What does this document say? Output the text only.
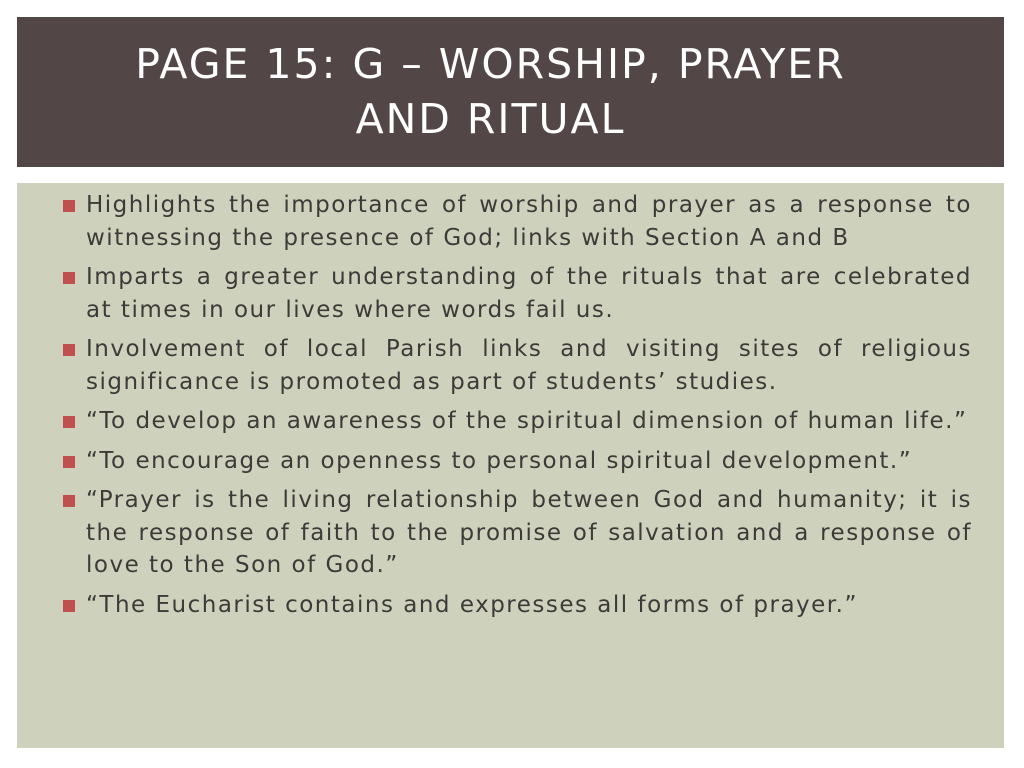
PAGE 15: G – WORSHIP, PRAYER AND RITUAL
Highlights the importance of worship and prayer as a response to witnessing the presence of God; links with Section A and B
Imparts a greater understanding of the rituals that are celebrated at times in our lives where words fail us.
Involvement of local Parish links and visiting sites of religious significance is promoted as part of students’ studies.
“To develop an awareness of the spiritual dimension of human life.”
“To encourage an openness to personal spiritual development.”
“Prayer is the living relationship between God and humanity; it is the response of faith to the promise of salvation and a response of love to the Son of God.”
“The Eucharist contains and expresses all forms of prayer.”
